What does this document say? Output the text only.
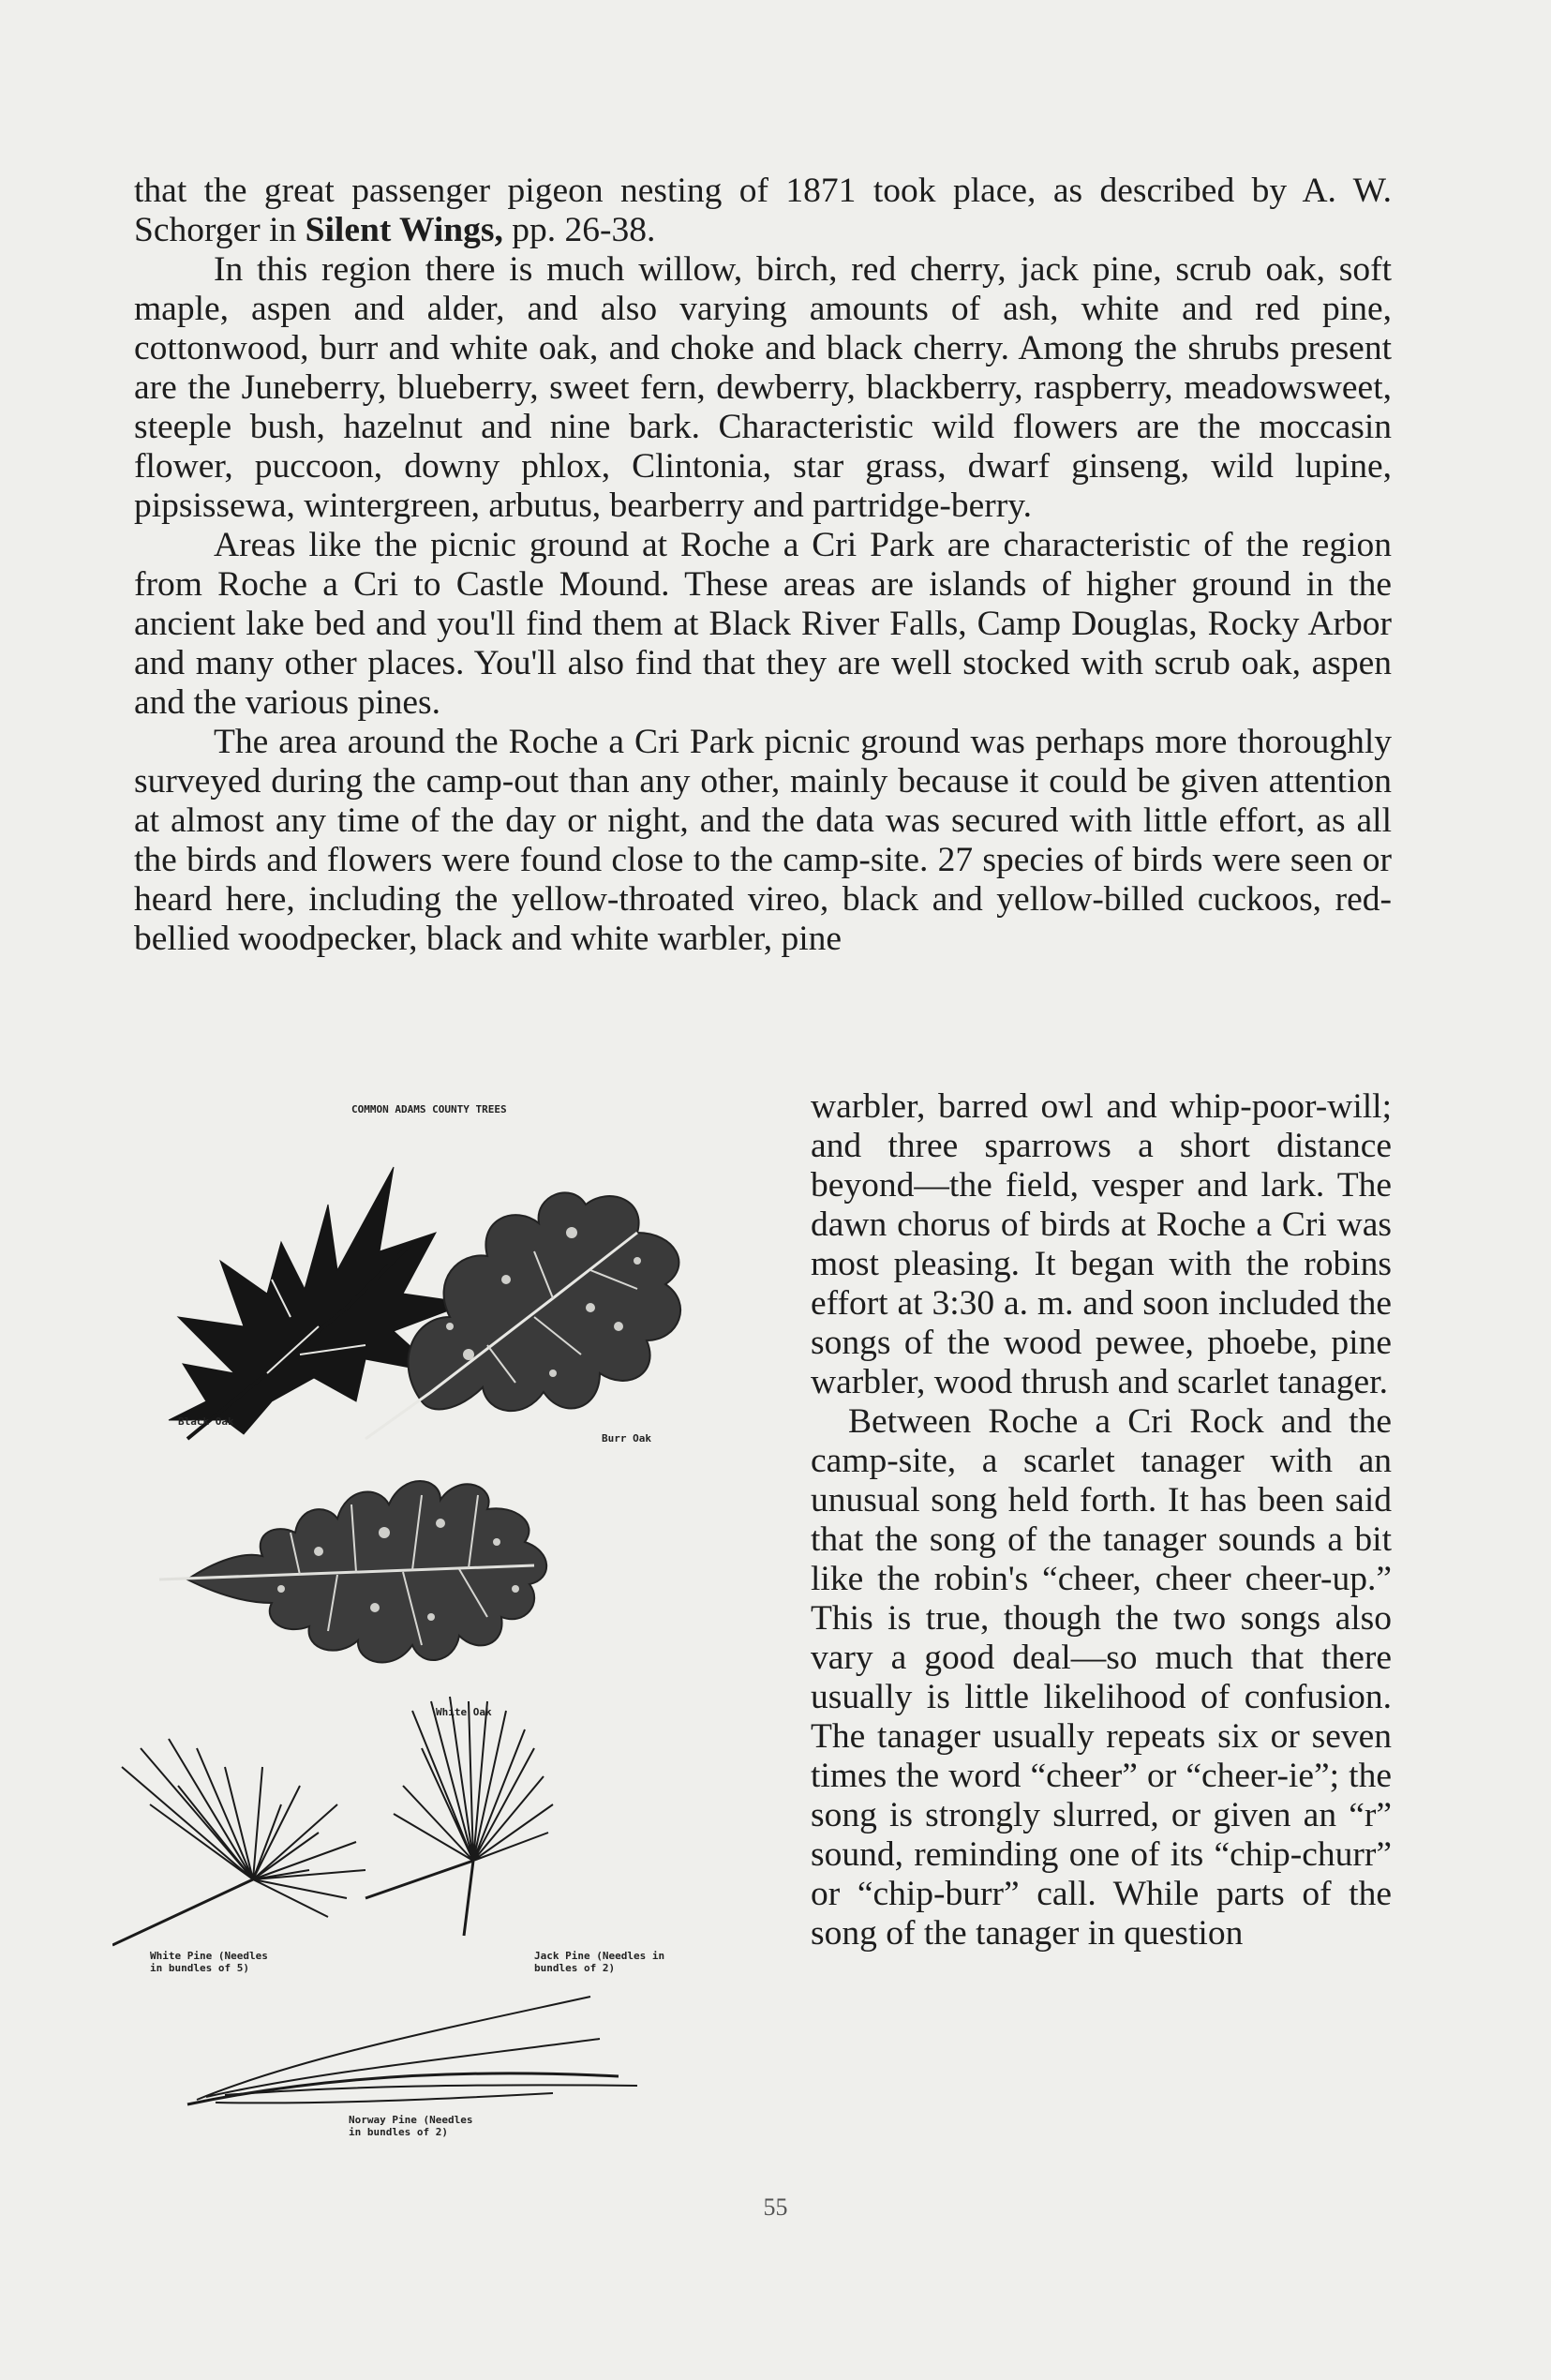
that the great passenger pigeon nesting of 1871 took place, as described by A. W. Schorger in Silent Wings, pp. 26-38.

In this region there is much willow, birch, red cherry, jack pine, scrub oak, soft maple, aspen and alder, and also varying amounts of ash, white and red pine, cottonwood, burr and white oak, and choke and black cherry. Among the shrubs present are the Juneberry, blueberry, sweet fern, dewberry, blackberry, raspberry, meadowsweet, steeple bush, hazelnut and nine bark. Characteristic wild flowers are the moccasin flower, puccoon, downy phlox, Clintonia, star grass, dwarf ginseng, wild lupine, pipsissewa, wintergreen, arbutus, bearberry and partridge-berry.

Areas like the picnic ground at Roche a Cri Park are characteristic of the region from Roche a Cri to Castle Mound. These areas are islands of higher ground in the ancient lake bed and you'll find them at Black River Falls, Camp Douglas, Rocky Arbor and many other places. You'll also find that they are well stocked with scrub oak, aspen and the various pines.

The area around the Roche a Cri Park picnic ground was perhaps more thoroughly surveyed during the camp-out than any other, mainly because it could be given attention at almost any time of the day or night, and the data was secured with little effort, as all the birds and flowers were found close to the camp-site. 27 species of birds were seen or heard here, including the yellow-throated vireo, black and yellow-billed cuckoos, red-bellied woodpecker, black and white warbler, pine

warbler, barred owl and whip-poor-will; and three sparrows a short distance beyond—the field, vesper and lark. The dawn chorus of birds at Roche a Cri was most pleasing. It began with the robins effort at 3:30 a. m. and soon included the songs of the wood pewee, phoebe, pine warbler, wood thrush and scarlet tanager.

Between Roche a Cri Rock and the camp-site, a scarlet tanager with an unusual song held forth. It has been said that the song of the tanager sounds a bit like the robin's “cheer, cheer cheer-up.” This is true, though the two songs also vary a good deal—so much that there usually is little likelihood of confusion. The tanager usually repeats six or seven times the word “cheer” or “cheer-ie”; the song is strongly slurred, or given an “r” sound, reminding one of its “chip-churr” or “chip-burr” call. While parts of the song of the tanager in question

COMMON ADAMS COUNTY TREES
Black Oak
Burr Oak
White Oak
White Pine (Needles
in bundles of 5)
Jack Pine (Needles in
bundles of 2)
Norway Pine (Needles
in bundles of 2)
55
